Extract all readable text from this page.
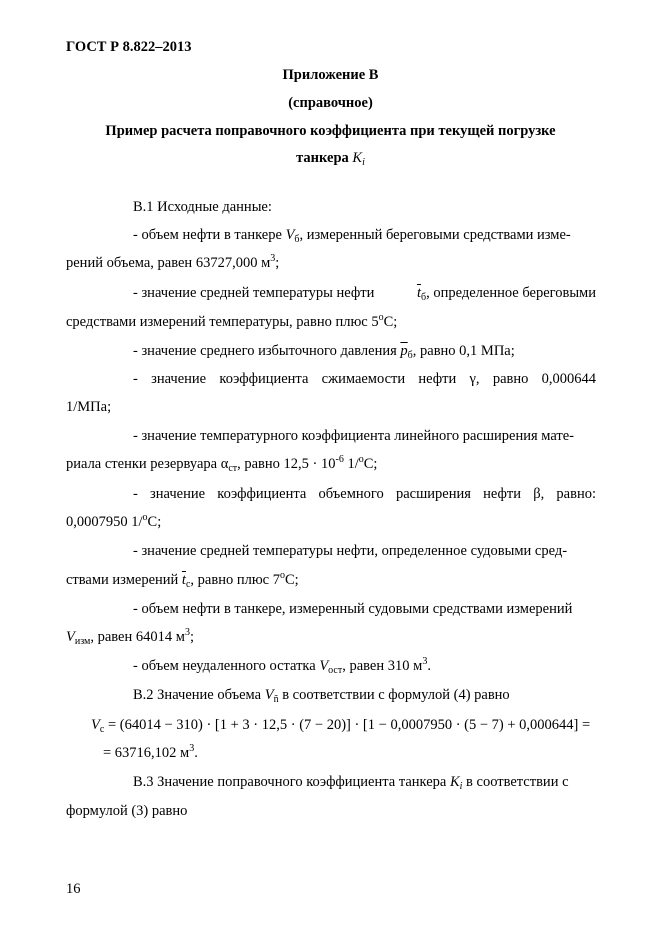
ГОСТ Р 8.822–2013
Приложение В
(справочное)
Пример расчета поправочного коэффициента при текущей погрузке
танкера $K_i$
В.1 Исходные данные:
- объем нефти в танкере $V_б$, измеренный береговыми средствами изме-
рений объема, равен 63727,000 $м^3$;
- значение средней температуры нефти	$\overline{t}_б$, определенное береговыми
средствами измерений температуры, равно плюс 5$^o$C;
- значение среднего избыточного давления $\overline{p}_б$, равно 0,1 МПа;
- значение коэффициента сжимаемости нефти γ, равно 0,000644
1/МПа;
- значение температурного коэффициента линейного расширения мате-
риала стенки резервуара $\alpha_{ст}$, равно $12,5 \cdot 10^{-6}$ 1/$^o$C;
- значение коэффициента объемного расширения нефти β, равно:
0,0007950 1/$^o$C;
- значение средней температуры нефти, определенное судовыми сред-
ствами измерений $\overline{t}_с$, равно плюс 7$^o$C;
- объем нефти в танкере, измеренный судовыми средствами измерений
$V_{изм}$, равен 64014 $м^3$;
- объем неудаленного остатка $V_{ост}$, равен 310 $м^3$.
В.2 Значение объема $V_ñ$ в соответствии с формулой (4) равно
$V_с = (64014 - 310) \cdot [1 + 3 \cdot 12,5 \cdot (7 - 20)] \cdot [1 - 0,0007950 \cdot (5 - 7) + 0,000644]$ =
= 63716,102 $м^3$.
В.3 Значение поправочного коэффициента танкера $K_i$ в соответствии с
формулой (3) равно
16
